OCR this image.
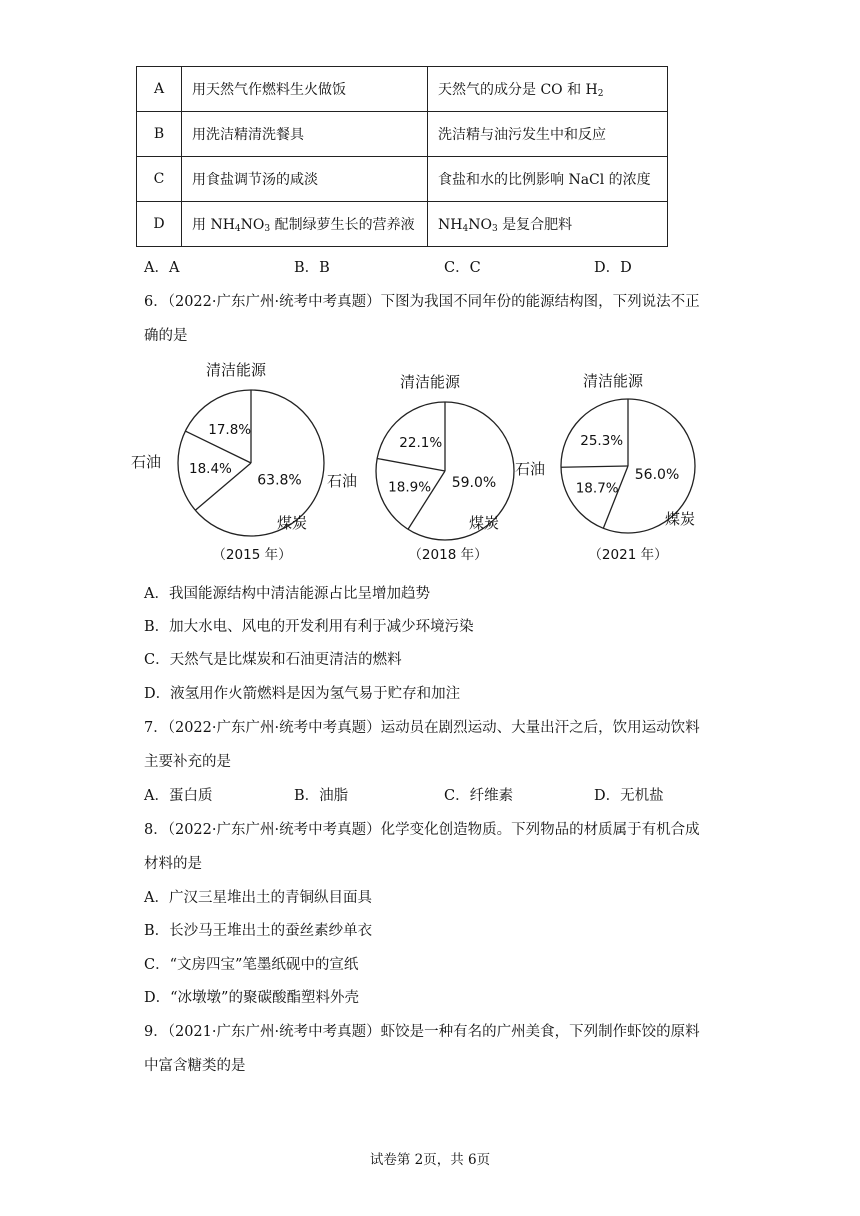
A	用天然气作燃料生火做饭	天然气的成分是 CO 和 $H_2$
B	用洗洁精清洗餐具	洗洁精与油污发生中和反应
C	用食盐调节汤的咸淡	食盐和水的比例影响 NaCl 的浓度
D	用 $NH_4NO_3$ 配制绿萝生长的营养液	$NH_4NO_3$ 是复合肥料
A．A	B．B	C．C	D．D
6．（2022·广东广州·统考中考真题）下图为我国不同年份的能源结构图，下列说法不正
确的是
17.8%
18.4%
63.8%
清洁能源
石油
煤炭
（2015 年）
22.1%
18.9% 59.0%
清洁能源
石油
煤炭
（2018 年）
25.3%
18.7%
56.0%
清洁能源
石油
煤炭
（2021 年）
A．我国能源结构中清洁能源占比呈增加趋势
B．加大水电、风电的开发利用有利于减少环境污染
C．天然气是比煤炭和石油更清洁的燃料
D．液氢用作火箭燃料是因为氢气易于贮存和加注
7．（2022·广东广州·统考中考真题）运动员在剧烈运动、大量出汗之后，饮用运动饮料
主要补充的是
A．蛋白质	B．油脂	C．纤维素	D．无机盐
8．（2022·广东广州·统考中考真题）化学变化创造物质。下列物品的材质属于有机合成
材料的是
A．广汉三星堆出土的青铜纵目面具
B．长沙马王堆出土的蚕丝素纱单衣
C．“文房四宝”笔墨纸砚中的宣纸
D．“冰墩墩”的聚碳酸酯塑料外壳
9．（2021·广东广州·统考中考真题）虾饺是一种有名的广州美食，下列制作虾饺的原料
中富含糖类的是
试卷第 2页，共 6页
